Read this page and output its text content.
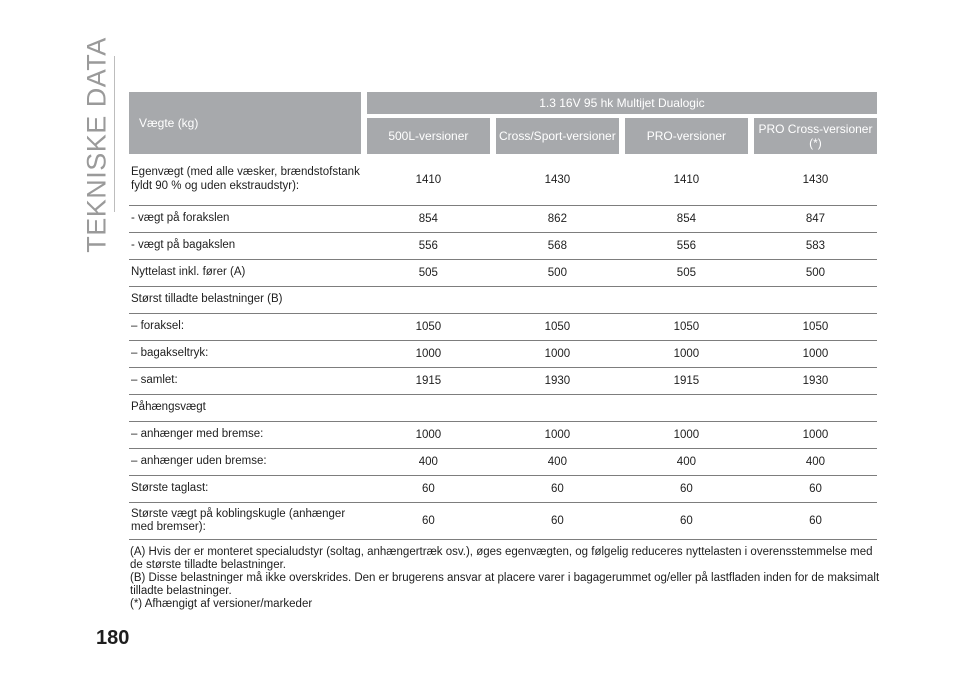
TEKNISKE DATA Vægte (kg)		1.3 16V 95 hk Multijet Dualogic						
		500L-versioner		Cross/Sport-versioner		PRO-versioner		PRO Cross-versioner (*)
Egenvægt (med alle væsker, brændstofstank fyldt 90 % og uden ekstraudstyr):		1410		1430		1410		1430
- vægt på forakslen		854		862		854		847
- vægt på bagakslen		556		568		556		583
Nyttelast inkl. fører (A)		505		500		505		500
Størst tilladte belastninger (B)								
– foraksel:		1050		1050		1050		1050
– bagakseltryk:		1000		1000		1000		1000
– samlet:		1915		1930		1915		1930
Påhængsvægt								
– anhænger med bremse:		1000		1000		1000		1000
– anhænger uden bremse:		400		400		400		400
Største taglast:		60		60		60		60
Største vægt på koblingskugle (anhænger med bremser):		60		60		60		60

(A) Hvis der er monteret specialudstyr (soltag, anhængertræk osv.), øges egenvægten, og følgelig reduceres nyttelasten i overensstemmelse med de største tilladte belastninger.

(B) Disse belastninger må ikke overskrides. Den er brugerens ansvar at placere varer i bagagerummet og/eller på lastfladen inden for de maksimalt tilladte belastninger.

(*) Afhængigt af versioner/markeder

180
